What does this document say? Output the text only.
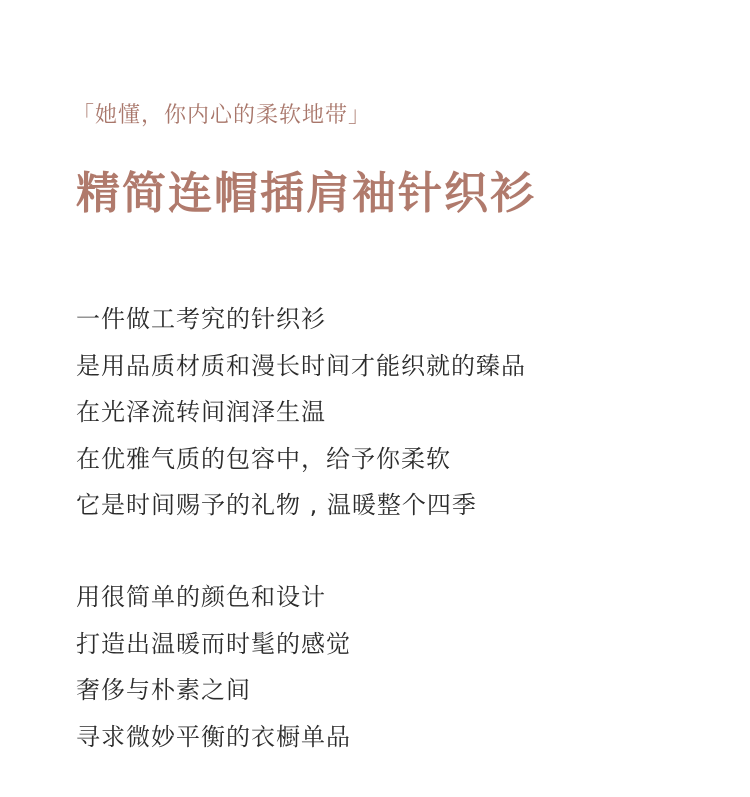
「她懂，你内心的柔软地带」
精简连帽插肩袖针织衫
一件做工考究的针织衫
是用品质材质和漫长时间才能织就的臻品
在光泽流转间润泽生温
在优雅气质的包容中，给予你柔软
它是时间赐予的礼物 , 温暖整个四季
用很简单的颜色和设计
打造出温暖而时髦的感觉
奢侈与朴素之间
寻求微妙平衡的衣橱单品
